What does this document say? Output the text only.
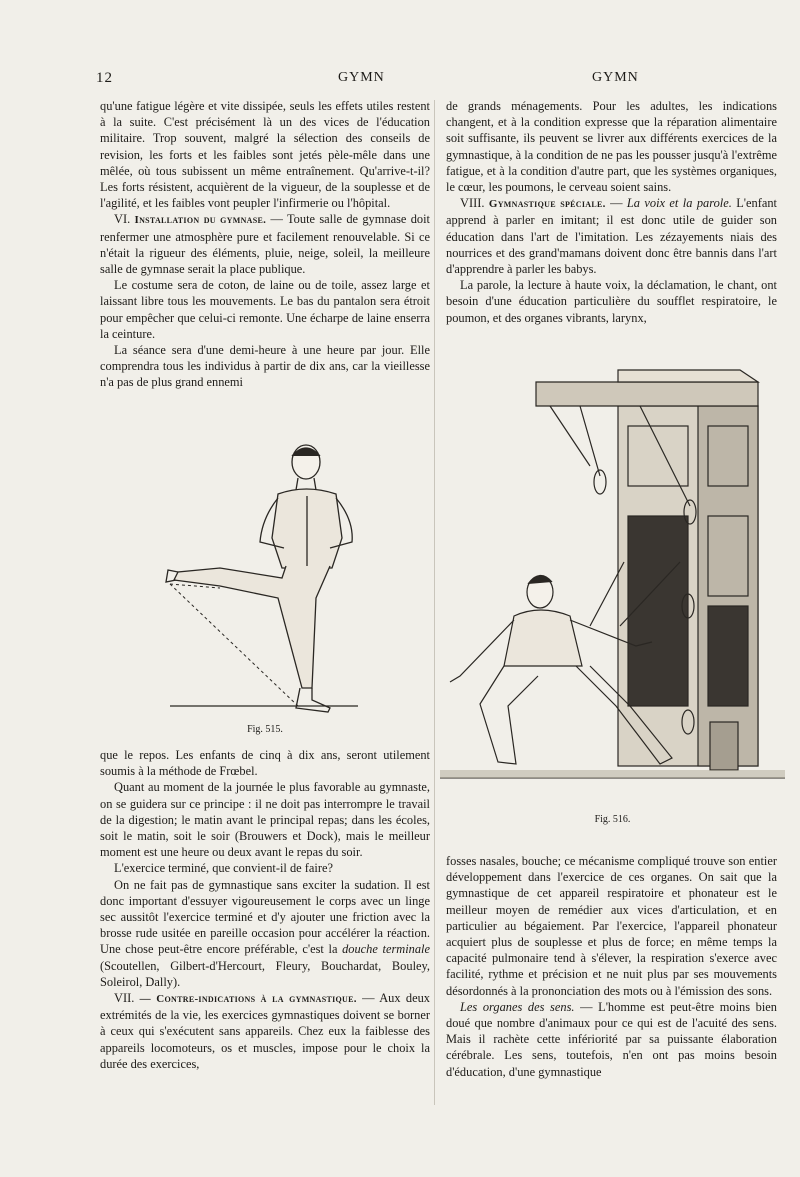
12	GYMN	GYMN

qu'une fatigue légère et vite dissipée, seuls les effets utiles restent à la suite. C'est précisément là un des vices de l'éducation militaire. Trop souvent, malgré la sélection des conseils de revision, les forts et les faibles sont jetés pèle-mêle dans une mêlée, où tous subissent un même entraînement. Qu'arrive-t-il? Les forts résistent, acquièrent de la vigueur, de la souplesse et de l'agilité, et les faibles vont peupler l'infirmerie ou l'hôpital.

VI. Installation du gymnase. — Toute salle de gymnase doit renfermer une atmosphère pure et facilement renouvelable. Si ce n'était la rigueur des éléments, pluie, neige, soleil, la meilleure salle de gymnase serait la place publique.

Le costume sera de coton, de laine ou de toile, assez large et laissant libre tous les mouvements. Le bas du pantalon sera étroit pour empêcher que celui-ci remonte. Une écharpe de laine enserra la ceinture.

La séance sera d'une demi-heure à une heure par jour. Elle comprendra tous les individus à partir de dix ans, car la vieillesse n'a pas de plus grand ennemi

Fig. 515.

que le repos. Les enfants de cinq à dix ans, seront utilement soumis à la méthode de Frœbel.

Quant au moment de la journée le plus favorable au gymnaste, on se guidera sur ce principe : il ne doit pas interrompre le travail de la digestion; le matin avant le principal repas; dans les écoles, soit le matin, soit le soir (Brouwers et Dock), mais le meilleur moment est une heure ou deux avant le repas du soir.

L'exercice terminé, que convient-il de faire?

On ne fait pas de gymnastique sans exciter la sudation. Il est donc important d'essuyer vigoureusement le corps avec un linge sec aussitôt l'exercice terminé et d'y ajouter une friction avec la brosse rude usitée en pareille occasion pour accélérer la réaction. Une chose peut-être encore préférable, c'est la douche terminale (Scoutellen, Gilbert-d'Hercourt, Fleury, Bouchardat, Bouley, Soleirol, Dally).

VII. — Contre-indications à la gymnastique. — Aux deux extrémités de la vie, les exercices gymnastiques doivent se borner à ceux qui s'exécutent sans appareils. Chez eux la faiblesse des appareils locomoteurs, os et muscles, impose pour le choix la durée des exercices,

de grands ménagements. Pour les adultes, les indications changent, et à la condition expresse que la réparation alimentaire soit suffisante, ils peuvent se livrer aux différents exercices de la gymnastique, à la condition de ne pas les pousser jusqu'à l'extrême fatigue, et à la condition d'autre part, que les systèmes organiques, le cœur, les poumons, le cerveau soient sains.

VIII. Gymnastique spéciale. — La voix et la parole. L'enfant apprend à parler en imitant; il est donc utile de guider son éducation dans l'art de l'imitation. Les zézayements niais des nourrices et des grand'mamans doivent donc être bannis dans l'art d'apprendre à parler les babys.

La parole, la lecture à haute voix, la déclamation, le chant, ont besoin d'une éducation particulière du soufflet respiratoire, le poumon, et des organes vibrants, larynx,

Fig. 516.

fosses nasales, bouche; ce mécanisme compliqué trouve son entier développement dans l'exercice de ces organes. On sait que la gymnastique de cet appareil respiratoire et phonateur est le meilleur moyen de remédier aux vices d'articulation, et en particulier au bégaiement. Par l'exercice, l'appareil phonateur acquiert plus de souplesse et plus de force; en même temps la capacité pulmonaire tend à s'élever, la respiration s'exerce avec facilité, rythme et précision et ne nuit plus par ses mouvements désordonnés à la prononciation des mots ou à l'émission des sons.

Les organes des sens. — L'homme est peut-être moins bien doué que nombre d'animaux pour ce qui est de l'acuité des sens. Mais il rachète cette infériorité par sa puissante élaboration cérébrale. Les sens, toutefois, n'en ont pas moins besoin d'éducation, d'une gymnastique
